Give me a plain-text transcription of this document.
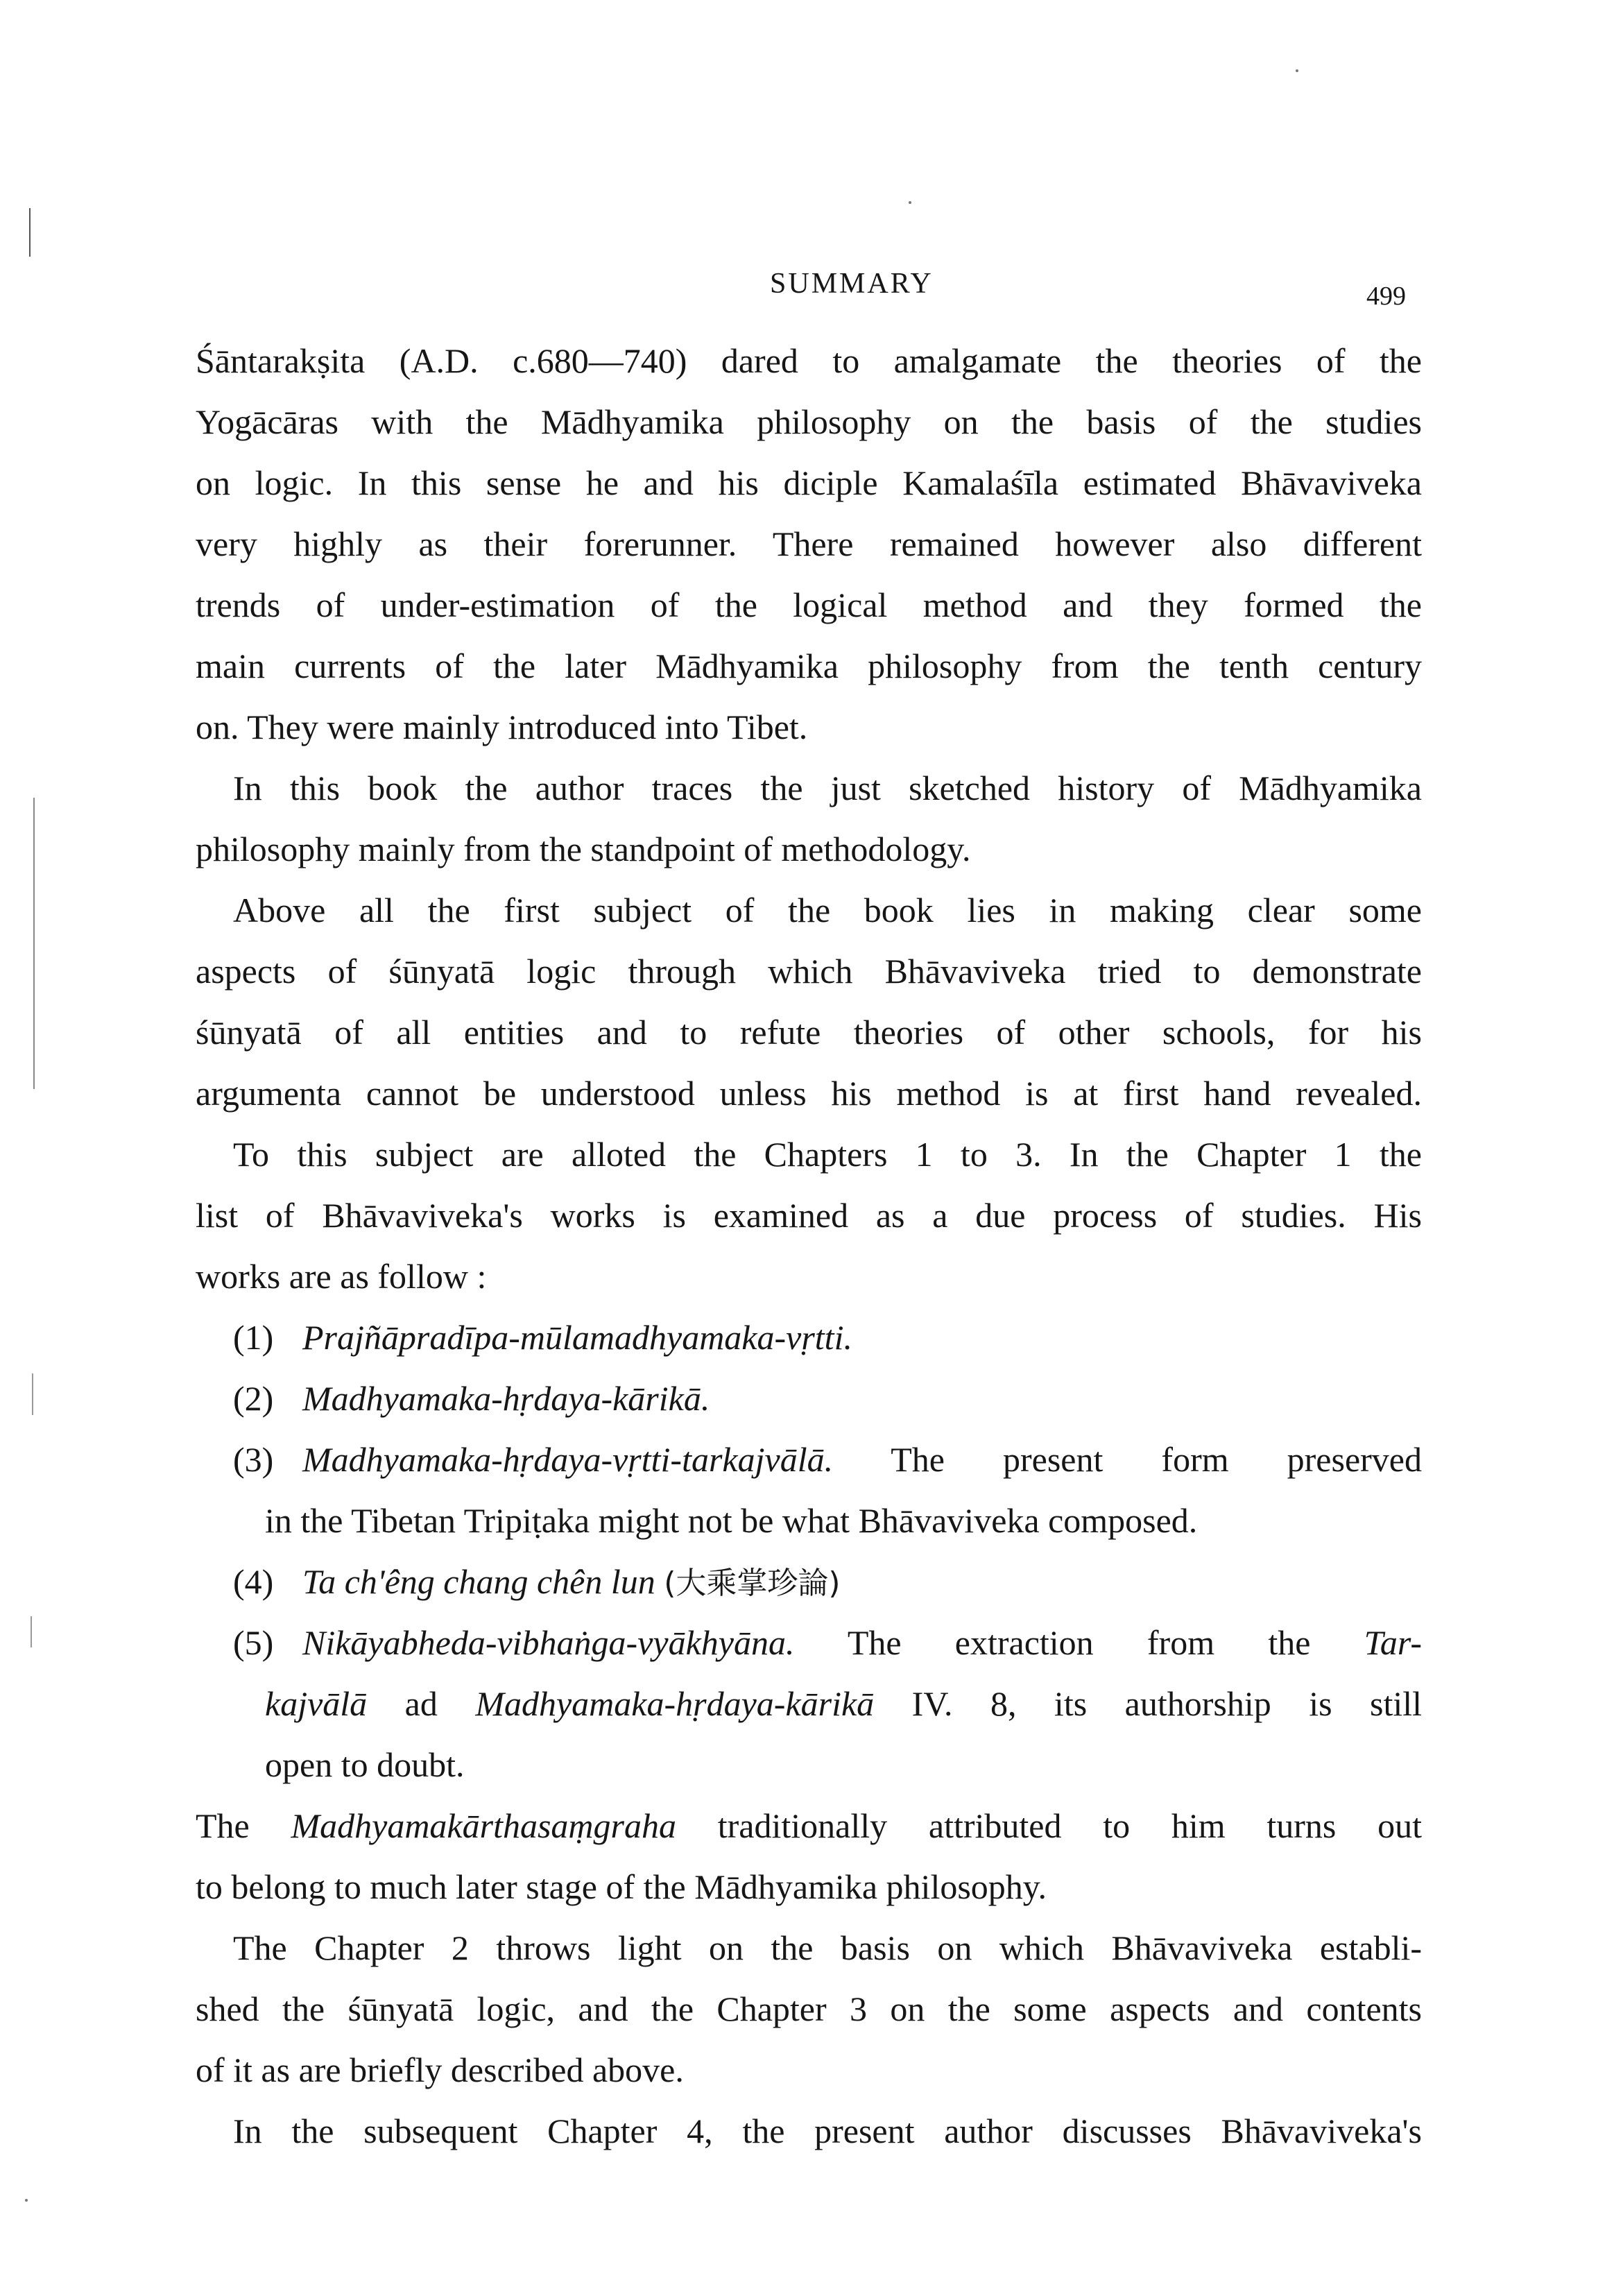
SUMMARY	499
Śāntarakṣita (A.D. c.680—740) dared to amalgamate the theories of the
Yogācāras with the Mādhyamika philosophy on the basis of the studies
on logic. In this sense he and his diciple Kamalaśīla estimated Bhāvaviveka
very highly as their forerunner. There remained however also different
trends of under-estimation of the logical method and they formed the
main currents of the later Mādhyamika philosophy from the tenth century
on. They were mainly introduced into Tibet.
In this book the author traces the just sketched history of Mādhyamika
philosophy mainly from the standpoint of methodology.
Above all the first subject of the book lies in making clear some
aspects of śūnyatā logic through which Bhāvaviveka tried to demonstrate
śūnyatā of all entities and to refute theories of other schools, for his
argumenta cannot be understood unless his method is at first hand revealed.
To this subject are alloted the Chapters 1 to 3. In the Chapter 1 the
list of Bhāvaviveka's works is examined as a due process of studies. His
works are as follow :
(1) Prajñāpradīpa-mūlamadhyamaka-vṛtti.
(2) Madhyamaka-hṛdaya-kārikā.
(3) Madhyamaka-hṛdaya-vṛtti-tarkajvālā. The present form preserved
in the Tibetan Tripiṭaka might not be what Bhāvaviveka composed.
(4) Ta ch'êng chang chên lun (大乘掌珍論)
(5) Nikāyabheda-vibhaṅga-vyākhyāna. The extraction from the Tar-
kajvālā ad Madhyamaka-hṛdaya-kārikā IV. 8, its authorship is still
open to doubt.
The Madhyamakārthasaṃgraha traditionally attributed to him turns out
to belong to much later stage of the Mādhyamika philosophy.
The Chapter 2 throws light on the basis on which Bhāvaviveka establi-
shed the śūnyatā logic, and the Chapter 3 on the some aspects and contents
of it as are briefly described above.
In the subsequent Chapter 4, the present author discusses Bhāvaviveka's
